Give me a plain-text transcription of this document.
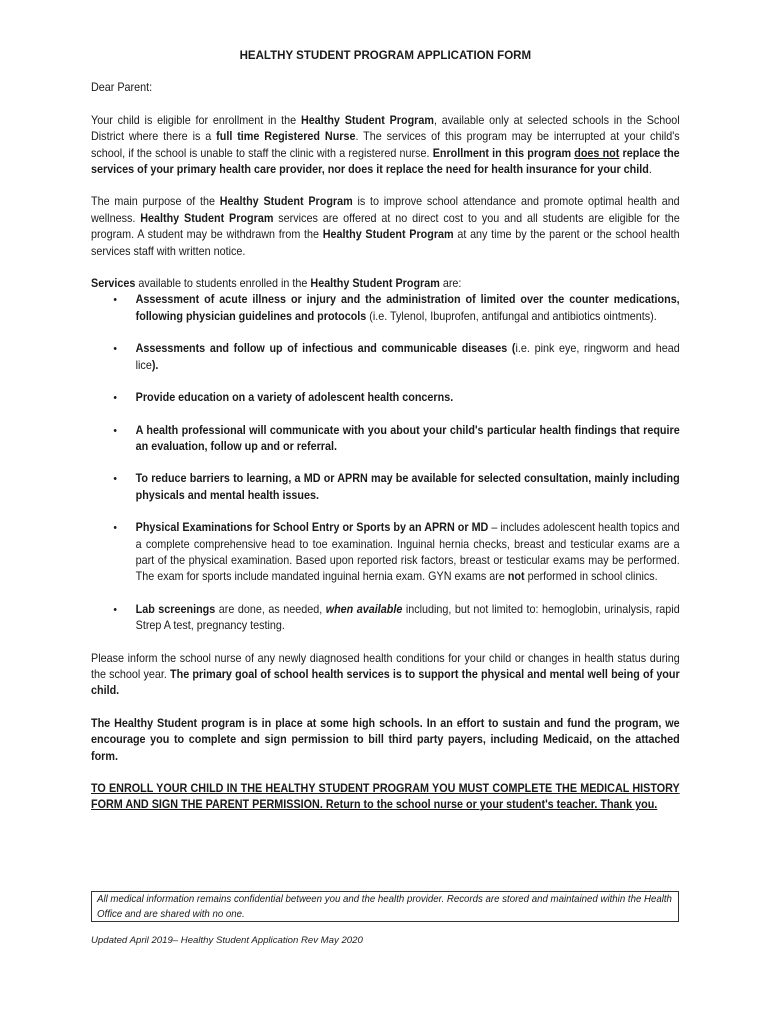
HEALTHY STUDENT PROGRAM APPLICATION FORM

Dear Parent:

Your child is eligible for enrollment in the Healthy Student Program, available only at selected schools in the School District where there is a full time Registered Nurse. The services of this program may be interrupted at your child's school, if the school is unable to staff the clinic with a registered nurse. Enrollment in this program does not replace the services of your primary health care provider, nor does it replace the need for health insurance for your child.

The main purpose of the Healthy Student Program is to improve school attendance and promote optimal health and wellness. Healthy Student Program services are offered at no direct cost to you and all students are eligible for the program. A student may be withdrawn from the Healthy Student Program at any time by the parent or the school health services staff with written notice.

Services available to students enrolled in the Healthy Student Program are:

• Assessment of acute illness or injury and the administration of limited over the counter medications, following physician guidelines and protocols (i.e. Tylenol, Ibuprofen, antifungal and antibiotics ointments).
• Assessments and follow up of infectious and communicable diseases (i.e. pink eye, ringworm and head lice).
• Provide education on a variety of adolescent health concerns.
• A health professional will communicate with you about your child's particular health findings that require an evaluation, follow up and or referral.
• To reduce barriers to learning, a MD or APRN may be available for selected consultation, mainly including physicals and mental health issues.
• Physical Examinations for School Entry or Sports by an APRN or MD – includes adolescent health topics and a complete comprehensive head to toe examination. Inguinal hernia checks, breast and testicular exams are a part of the physical examination. Based upon reported risk factors, breast or testicular exams may be performed. The exam for sports include mandated inguinal hernia exam. GYN exams are not performed in school clinics.
• Lab screenings are done, as needed, when available including, but not limited to: hemoglobin, urinalysis, rapid Strep A test, pregnancy testing.

Please inform the school nurse of any newly diagnosed health conditions for your child or changes in health status during the school year. The primary goal of school health services is to support the physical and mental well being of your child.

The Healthy Student program is in place at some high schools. In an effort to sustain and fund the program, we encourage you to complete and sign permission to bill third party payers, including Medicaid, on the attached form.

TO ENROLL YOUR CHILD IN THE HEALTHY STUDENT PROGRAM YOU MUST COMPLETE THE MEDICAL HISTORY FORM AND SIGN THE PARENT PERMISSION. Return to the school nurse or your student's teacher. Thank you.

All medical information remains confidential between you and the health provider. Records are stored and maintained within the Health Office and are shared with no one.
Updated April 2019– Healthy Student Application Rev May 2020
